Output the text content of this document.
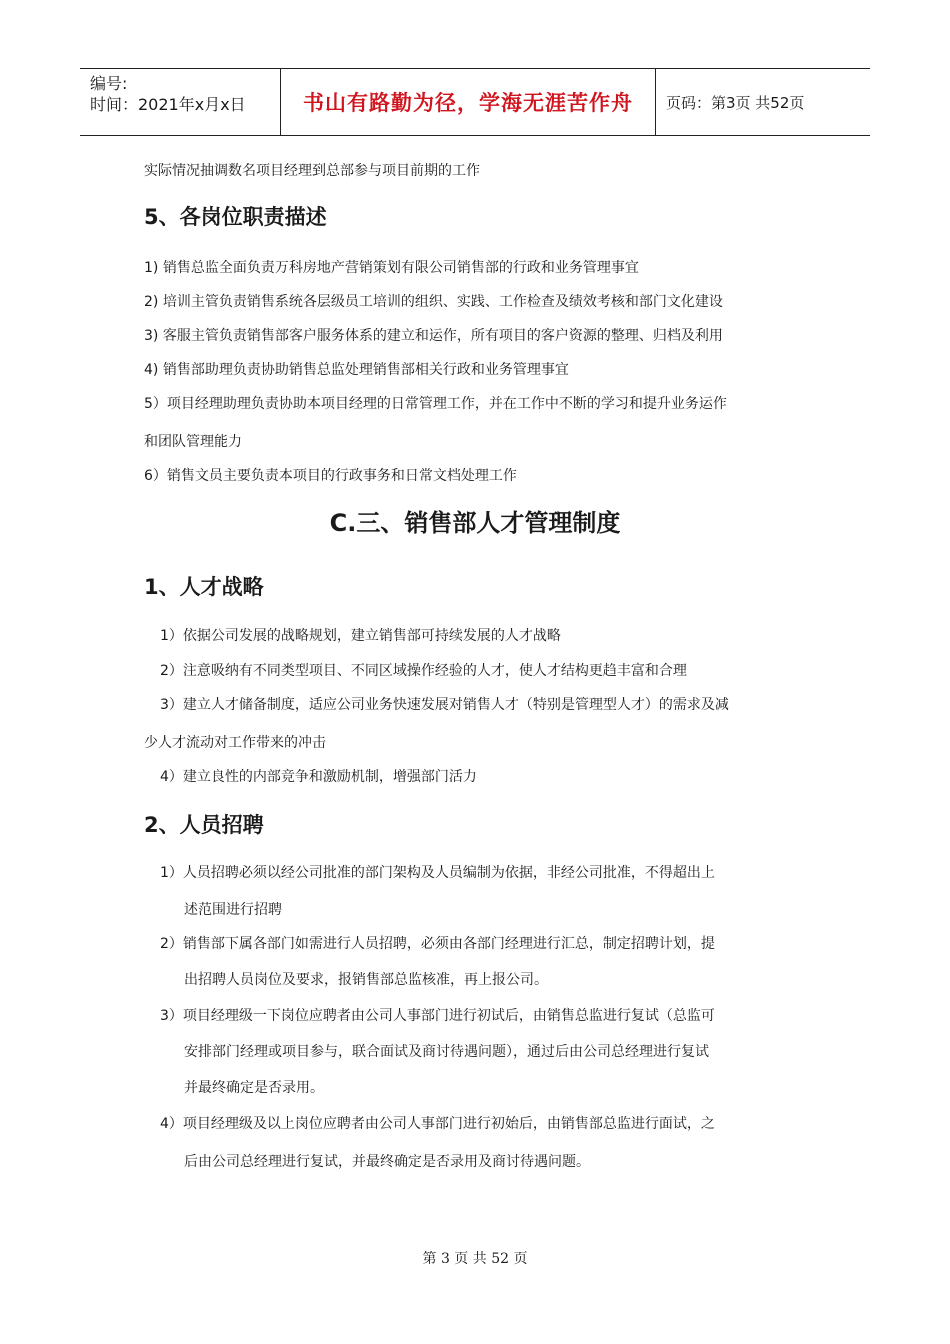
编号:
时间：2021年x月x日	书山有路勤为径，学海无涯苦作舟	页码：第3页 共52页
实际情况抽调数名项目经理到总部参与项目前期的工作
5、各岗位职责描述
1) 销售总监全面负责万科房地产营销策划有限公司销售部的行政和业务管理事宜
2) 培训主管负责销售系统各层级员工培训的组织、实践、工作检查及绩效考核和部门文化建设
3) 客服主管负责销售部客户服务体系的建立和运作，所有项目的客户资源的整理、归档及利用
4) 销售部助理负责协助销售总监处理销售部相关行政和业务管理事宜
5）项目经理助理负责协助本项目经理的日常管理工作，并在工作中不断的学习和提升业务运作
和团队管理能力
6）销售文员主要负责本项目的行政事务和日常文档处理工作
C.三、销售部人才管理制度
1、人才战略
1）依据公司发展的战略规划，建立销售部可持续发展的人才战略
2）注意吸纳有不同类型项目、不同区域操作经验的人才，使人才结构更趋丰富和合理
3）建立人才储备制度，适应公司业务快速发展对销售人才（特别是管理型人才）的需求及减
少人才流动对工作带来的冲击
4）建立良性的内部竞争和激励机制，增强部门活力
2、人员招聘
1）人员招聘必须以经公司批准的部门架构及人员编制为依据，非经公司批准，不得超出上
述范围进行招聘
2）销售部下属各部门如需进行人员招聘，必须由各部门经理进行汇总，制定招聘计划，提
出招聘人员岗位及要求，报销售部总监核准，再上报公司。
3）项目经理级一下岗位应聘者由公司人事部门进行初试后，由销售总监进行复试（总监可
安排部门经理或项目参与，联合面试及商讨待遇问题），通过后由公司总经理进行复试
并最终确定是否录用。
4）项目经理级及以上岗位应聘者由公司人事部门进行初始后，由销售部总监进行面试，之
后由公司总经理进行复试，并最终确定是否录用及商讨待遇问题。
第 3 页 共 52 页
